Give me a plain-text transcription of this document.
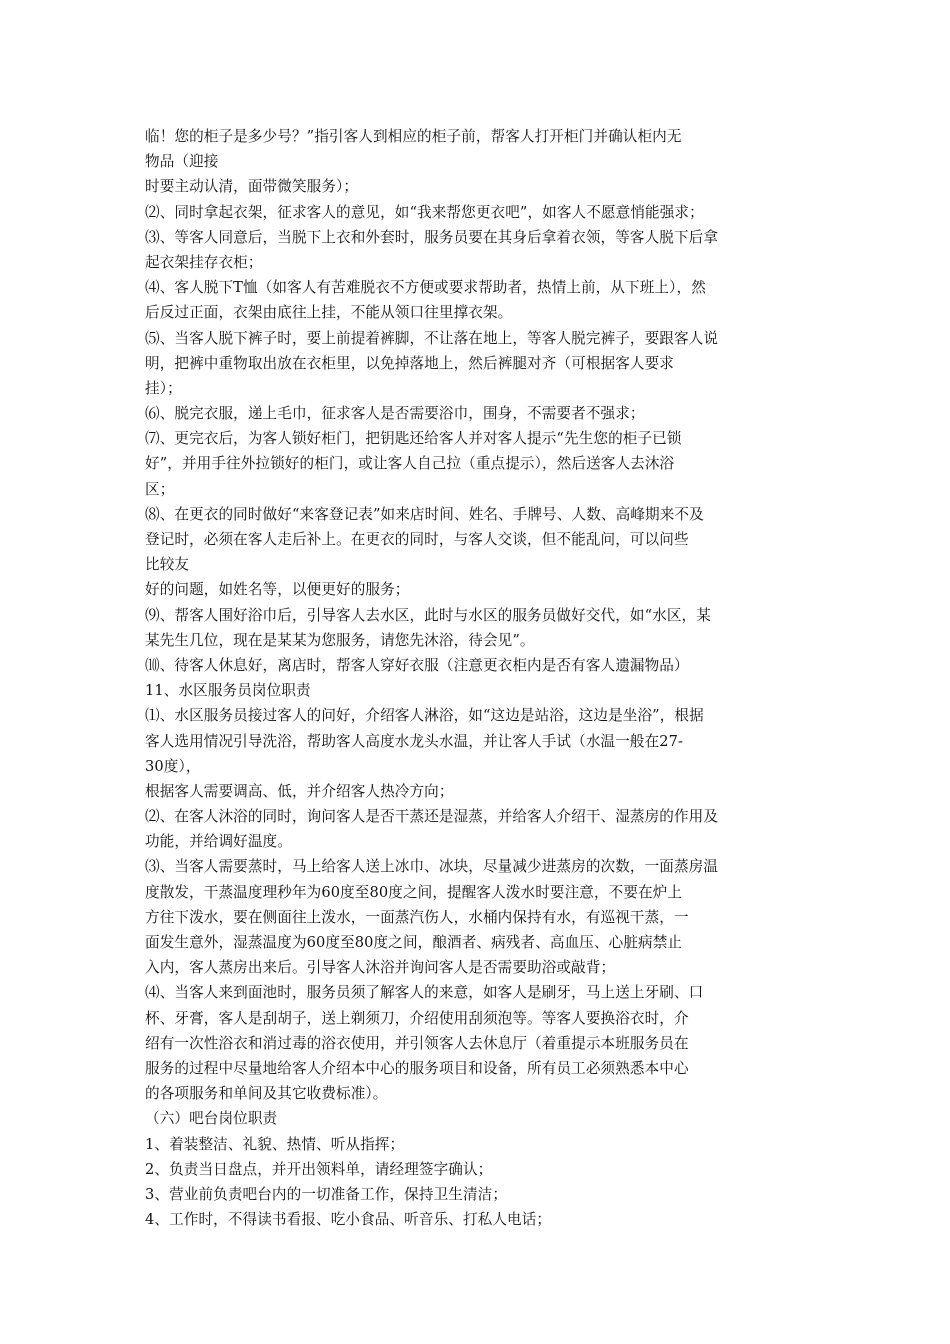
临！您的柜子是多少号？”指引客人到相应的柜子前，帮客人打开柜门并确认柜内无
物品（迎接
时要主动认清，面带微笑服务）；
⑵、同时拿起衣架，征求客人的意见，如“我来帮您更衣吧”，如客人不愿意悄能强求；
⑶、等客人同意后，当脱下上衣和外套时，服务员要在其身后拿着衣领，等客人脱下后拿
起衣架挂存衣柜；
⑷、客人脱下T恤（如客人有苦难脱衣不方便或要求帮助者，热情上前，从下班上），然
后反过正面，衣架由底往上挂，不能从领口往里撑衣架。
⑸、当客人脱下裤子时，要上前提着裤脚，不让落在地上，等客人脱完裤子，要跟客人说
明，把裤中重物取出放在衣柜里，以免掉落地上，然后裤腿对齐（可根据客人要求
挂）；
⑹、脱完衣服，递上毛巾，征求客人是否需要浴巾，围身，不需要者不强求；
⑺、更完衣后，为客人锁好柜门，把钥匙还给客人并对客人提示“先生您的柜子已锁
好”，并用手往外拉锁好的柜门，或让客人自己拉（重点提示），然后送客人去沐浴
区；
⑻、在更衣的同时做好“来客登记表”如来店时间、姓名、手牌号、人数、高峰期来不及
登记时，必须在客人走后补上。在更衣的同时，与客人交谈，但不能乱问，可以问些
比较友
好的问题，如姓名等，以便更好的服务；
⑼、帮客人围好浴巾后，引导客人去水区，此时与水区的服务员做好交代，如“水区，某
某先生几位，现在是某某为您服务，请您先沐浴，待会见”。
⑽、待客人休息好，离店时，帮客人穿好衣服（注意更衣柜内是否有客人遗漏物品）
11、水区服务员岗位职责
⑴、水区服务员接过客人的问好，介绍客人淋浴，如“这边是站浴，这边是坐浴”，根据
客人选用情况引导洗浴，帮助客人高度水龙头水温，并让客人手试（水温一般在27-
30度），
根据客人需要调高、低，并介绍客人热冷方向；
⑵、在客人沐浴的同时，询问客人是否干蒸还是湿蒸，并给客人介绍干、湿蒸房的作用及
功能，并给调好温度。
⑶、当客人需要蒸时，马上给客人送上冰巾、冰块，尽量减少进蒸房的次数，一面蒸房温
度散发，干蒸温度理秒年为60度至80度之间，提醒客人泼水时要注意，不要在炉上
方往下泼水，要在侧面往上泼水，一面蒸汽伤人，水桶内保持有水，有巡视干蒸，一
面发生意外，湿蒸温度为60度至80度之间，酿酒者、病残者、高血压、心脏病禁止
入内，客人蒸房出来后。引导客人沐浴并询问客人是否需要助浴或敲背；
⑷、当客人来到面池时，服务员须了解客人的来意，如客人是刷牙，马上送上牙刷、口
杯、牙膏，客人是刮胡子，送上剃须刀，介绍使用刮须泡等。等客人要换浴衣时，介
绍有一次性浴衣和消过毒的浴衣使用，并引领客人去休息厅（着重提示本班服务员在
服务的过程中尽量地给客人介绍本中心的服务项目和设备，所有员工必须熟悉本中心
的各项服务和单间及其它收费标准）。
（六）吧台岗位职责
1、着装整洁、礼貌、热情、听从指挥；
2、负责当日盘点，并开出领料单，请经理签字确认；
3、营业前负责吧台内的一切准备工作，保持卫生清洁；
4、工作时，不得读书看报、吃小食品、听音乐、打私人电话；
